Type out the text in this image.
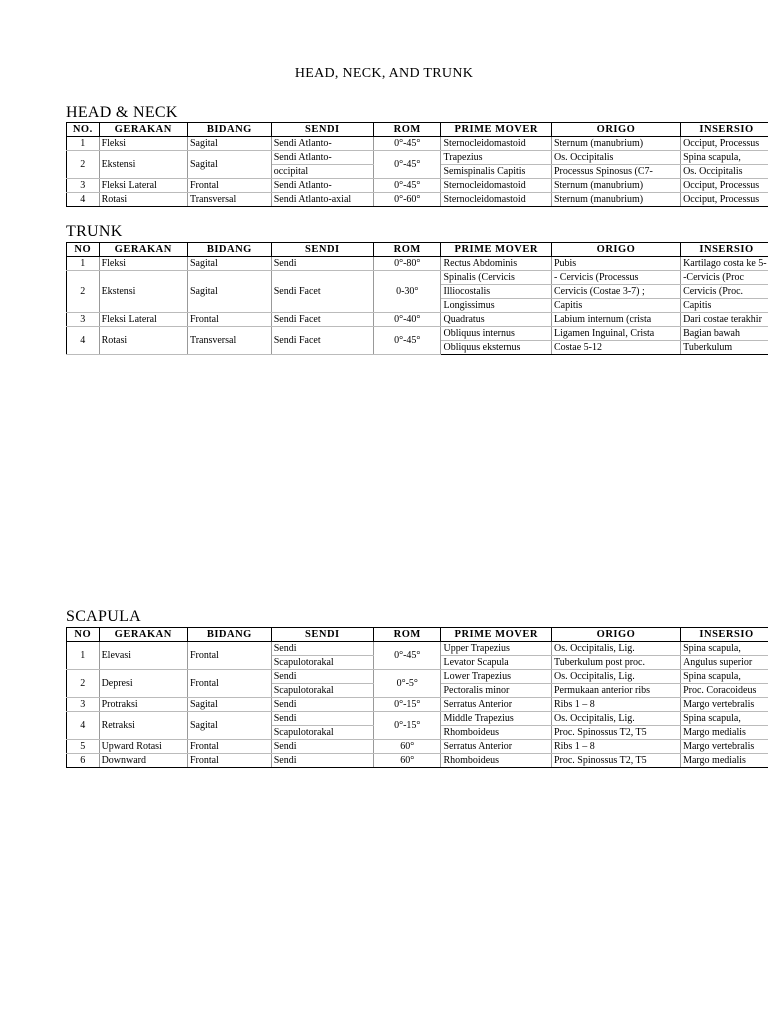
HEAD, NECK, AND TRUNK
HEAD & NECK
NO.	GERAKAN	BIDANG	SENDI	ROM	PRIME MOVER	ORIGO	INSERSIO
1	Fleksi	Sagital	Sendi Atlanto-	0°-45°	Sternocleidomastoid	Sternum (manubrium)	Occiput, Processus
2	Ekstensi	Sagital	Sendi Atlanto-	0°-45°	Trapezius	Os. Occipitalis	Spina scapula,
			occipital		Semispinalis Capitis	Processus Spinosus (C7-	Os. Occipitalis
3	Fleksi Lateral	Frontal	Sendi Atlanto-	0°-45°	Sternocleidomastoid	Sternum (manubrium)	Occiput, Processus
4	Rotasi	Transversal	Sendi Atlanto-axial	0°-60°	Sternocleidomastoid	Sternum (manubrium)	Occiput, Processus
TRUNK
NO	GERAKAN	BIDANG	SENDI	ROM	PRIME MOVER	ORIGO	INSERSIO
1	Fleksi	Sagital	Sendi	0°-80°	Rectus Abdominis	Pubis	Kartilago costa ke 5-
2	Ekstensi	Sagital	Sendi Facet	0-30°	Spinalis (Cervicis	- Cervicis (Processus	-Cervicis (Proc
					Illiocostalis	Cervicis (Costae 3-7) ;	Cervicis (Proc.
					Longissimus	Capitis	Capitis
3	Fleksi Lateral	Frontal	Sendi Facet	0°-40°	Quadratus	Labium internum (crista	Dari costae terakhir
4	Rotasi	Transversal	Sendi Facet	0°-45°	Obliquus internus	Ligamen Inguinal, Crista	Bagian bawah
					Obliquus eksternus	Costae 5-12	Tuberkulum
SCAPULA
NO	GERAKAN	BIDANG	SENDI	ROM	PRIME MOVER	ORIGO	INSERSIO
1	Elevasi	Frontal	Sendi	0°-45°	Upper Trapezius	Os. Occipitalis, Lig.	Spina scapula,
			Scapulotorakal		Levator Scapula	Tuberkulum post proc.	Angulus superior
2	Depresi	Frontal	Sendi	0°-5°	Lower Trapezius	Os. Occipitalis, Lig.	Spina scapula,
			Scapulotorakal		Pectoralis minor	Permukaan anterior ribs	Proc. Coracoideus
3	Protraksi	Sagital	Sendi	0°-15°	Serratus Anterior	Ribs 1 – 8	Margo vertebralis
4	Retraksi	Sagital	Sendi	0°-15°	Middle Trapezius	Os. Occipitalis, Lig.	Spina scapula,
			Scapulotorakal		Rhomboideus	Proc. Spinossus T2, T5	Margo medialis
5	Upward Rotasi	Frontal	Sendi	60°	Serratus Anterior	Ribs 1 – 8	Margo vertebralis
6	Downward	Frontal	Sendi	60°	Rhomboideus	Proc. Spinossus T2, T5	Margo medialis
